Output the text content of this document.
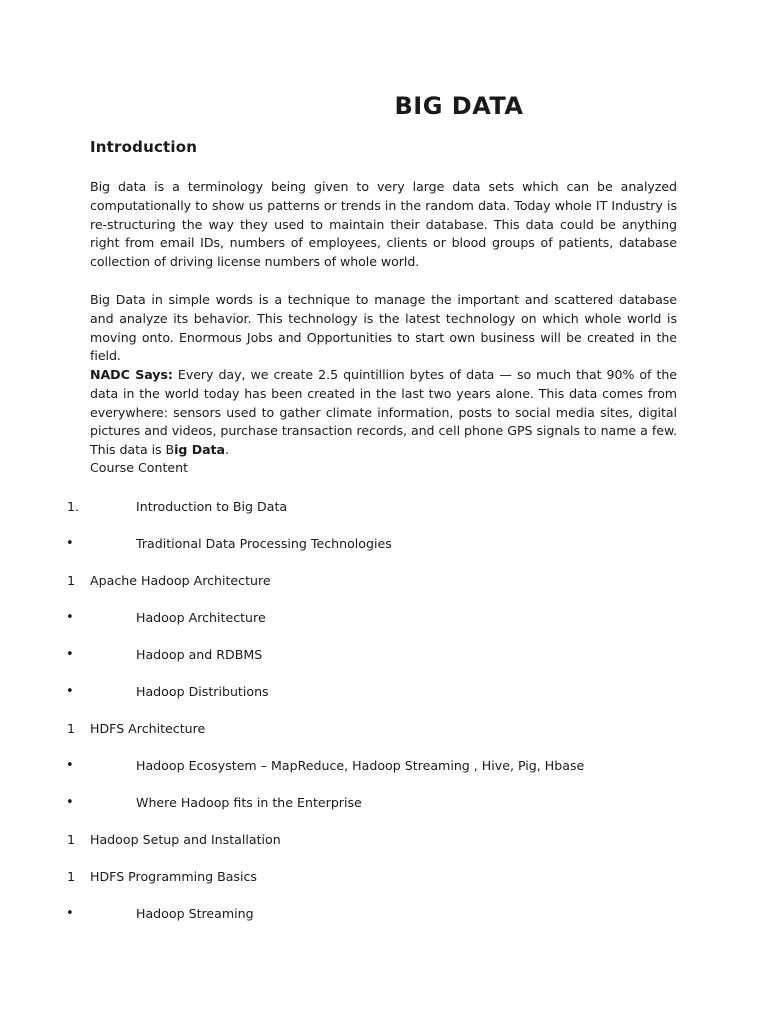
BIG DATA
Introduction

Big data is a terminology being given to very large data sets which can be analyzed computationally to show us patterns or trends in the random data. Today whole IT Industry is re-structuring the way they used to maintain their database. This data could be anything right from email IDs, numbers of employees, clients or blood groups of patients, database collection of driving license numbers of whole world.

Big Data in simple words is a technique to manage the important and scattered database and analyze its behavior. This technology is the latest technology on which whole world is moving onto. Enormous Jobs and Opportunities to start own business will be created in the field.

NADC Says: Every day, we create 2.5 quintillion bytes of data — so much that 90% of the data in the world today has been created in the last two years alone. This data comes from everywhere: sensors used to gather climate information, posts to social media sites, digital pictures and videos, purchase transaction records, and cell phone GPS signals to name a few. This data is Big Data.

Course Content

1.	Introduction to Big Data
•	Traditional Data Processing Technologies
1 Apache Hadoop Architecture
•	Hadoop Architecture
•	Hadoop and RDBMS
•	Hadoop Distributions
1 HDFS Architecture
•	Hadoop Ecosystem – MapReduce, Hadoop Streaming , Hive, Pig, Hbase
•	Where Hadoop fits in the Enterprise
1 Hadoop Setup and Installation
1 HDFS Programming Basics
•	Hadoop Streaming
